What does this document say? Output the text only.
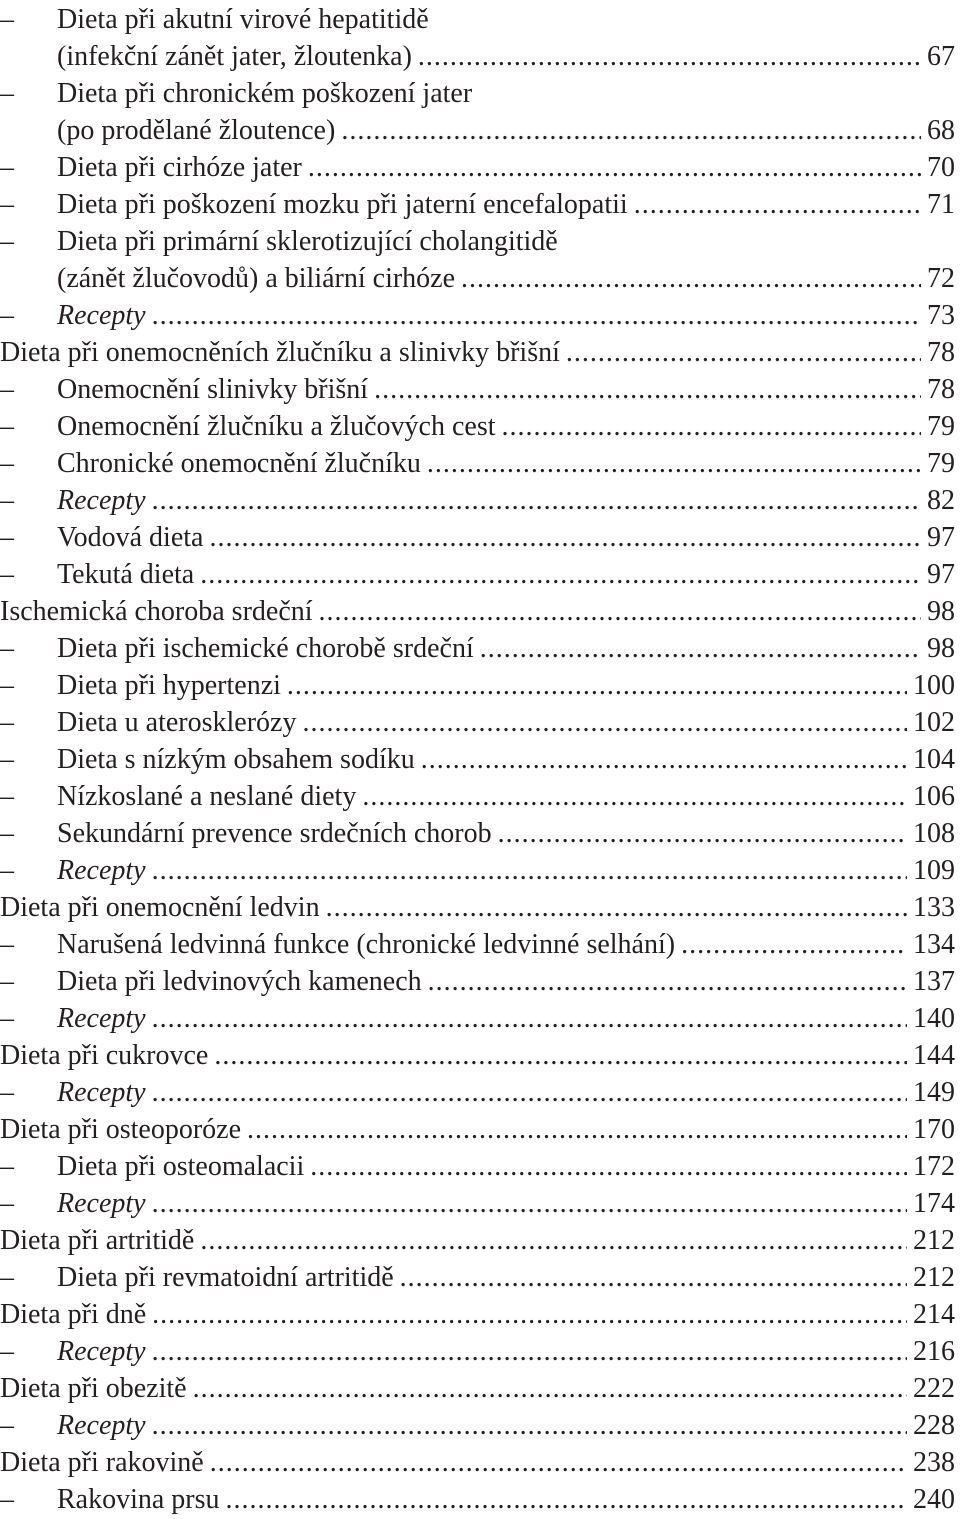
–	Dieta při akutní virové hepatitidě
(infekční zánět jater, žloutenka) .....	67
–	Dieta při chronickém poškození jater
(po prodělané žloutence) .....	68
–	Dieta při cirhóze jater .....	70
–	Dieta při poškození mozku při jaterní encefalopatii .....	71
–	Dieta při primární sklerotizující cholangitidě
(zánět žlučovodů) a biliární cirhóze .....	72
–	Recepty .....	73
Dieta při onemocněních žlučníku a slinivky břišní .....	78
–	Onemocnění slinivky břišní .....	78
–	Onemocnění žlučníku a žlučových cest .....	79
–	Chronické onemocnění žlučníku .....	79
–	Recepty .....	82
–	Vodová dieta .....	97
–	Tekutá dieta .....	97
Ischemická choroba srdeční .....	98
–	Dieta při ischemické chorobě srdeční .....	98
–	Dieta při hypertenzi .....	100
–	Dieta u aterosklerózy .....	102
–	Dieta s nízkým obsahem sodíku .....	104
–	Nízkoslané a neslané diety .....	106
–	Sekundární prevence srdečních chorob .....	108
–	Recepty .....	109
Dieta při onemocnění ledvin .....	133
–	Narušená ledvinná funkce (chronické ledvinné selhání) .....	134
–	Dieta při ledvinových kamenech .....	137
–	Recepty .....	140
Dieta při cukrovce .....	144
–	Recepty .....	149
Dieta při osteoporóze .....	170
–	Dieta při osteomalacii .....	172
–	Recepty .....	174
Dieta při artritidě .....	212
–	Dieta při revmatoidní artritidě .....	212
Dieta při dně .....	214
–	Recepty .....	216
Dieta při obezitě .....	222
–	Recepty .....	228
Dieta při rakovině .....	238
–	Rakovina prsu .....	240
